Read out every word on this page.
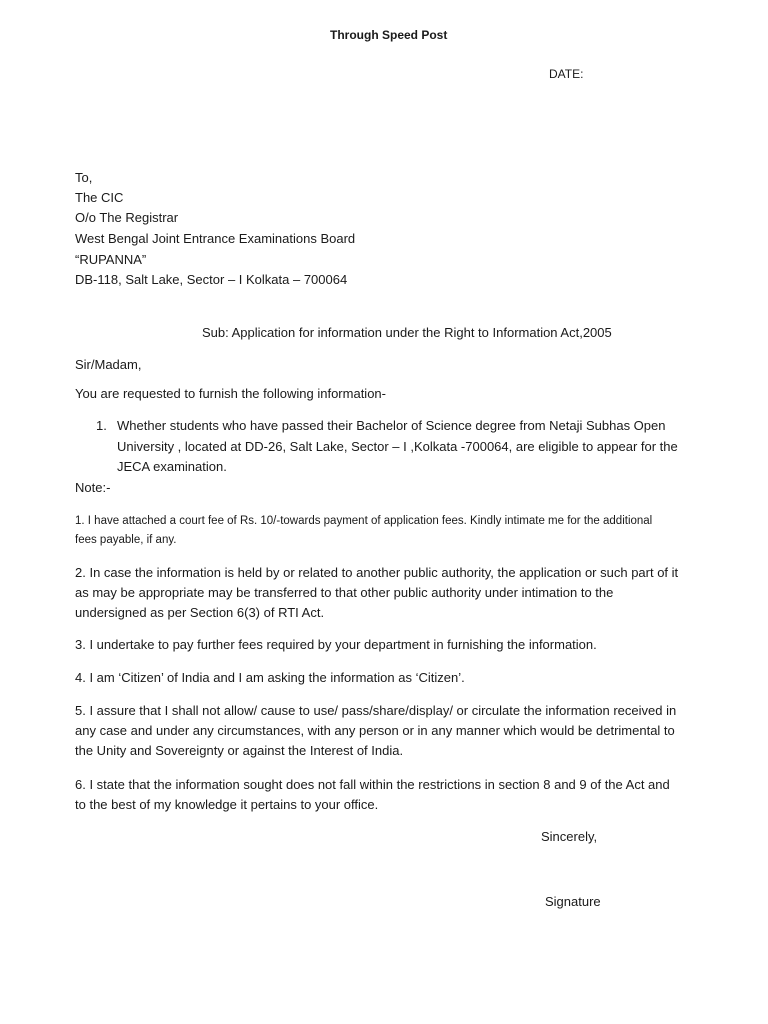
Through Speed Post
DATE:
To,
The CIC
O/o The Registrar
West Bengal Joint Entrance Examinations Board
“RUPANNA”
DB-118, Salt Lake, Sector – I Kolkata – 700064
Sub: Application for information under the Right to Information Act,2005
Sir/Madam,
You are requested to furnish the following information-
1. Whether students who have passed their Bachelor of Science degree from Netaji Subhas Open
University , located at DD-26, Salt Lake, Sector – I ,Kolkata -700064, are eligible to appear for the
JECA examination.
Note:-
1. I have attached a court fee of Rs. 10/-towards payment of application fees. Kindly intimate me for the additional
fees payable, if any.
2. In case the information is held by or related to another public authority, the application or such part of it
as may be appropriate may be transferred to that other public authority under intimation to the
undersigned as per Section 6(3) of RTI Act.
3. I undertake to pay further fees required by your department in furnishing the information.
4. I am ‘Citizen’ of India and I am asking the information as ‘Citizen’.
5. I assure that I shall not allow/ cause to use/ pass/share/display/ or circulate the information received in
any case and under any circumstances, with any person or in any manner which would be detrimental to
the Unity and Sovereignty or against the Interest of India.
6. I state that the information sought does not fall within the restrictions in section 8 and 9 of the Act and
to the best of my knowledge it pertains to your office.
Sincerely,
Signature
